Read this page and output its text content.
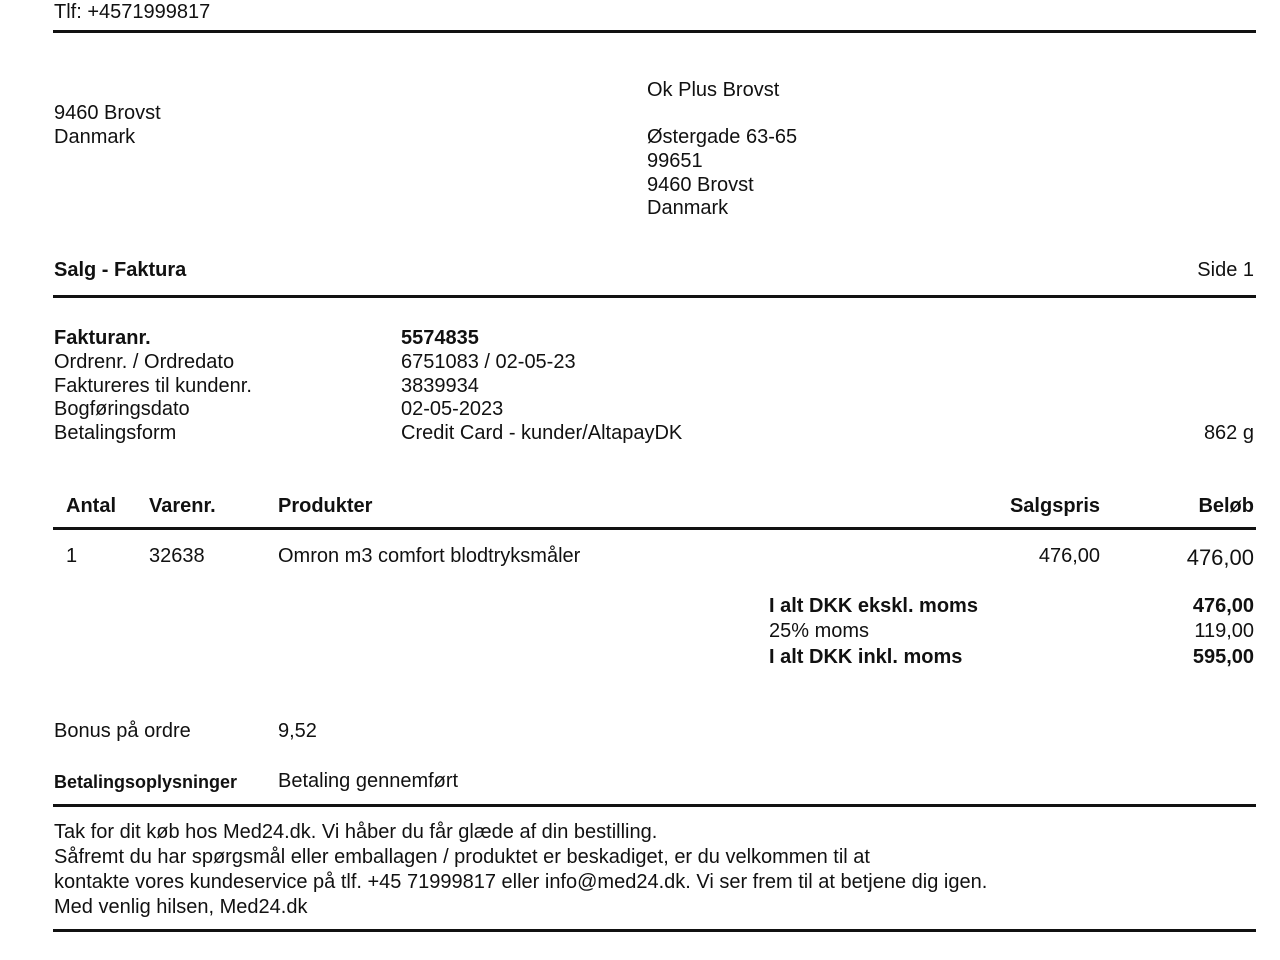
Tlf: +4571999817
9460 Brovst
Danmark
Ok Plus Brovst
Østergade 63-65
99651
9460 Brovst
Danmark
Salg - Faktura	Side 1
Fakturanr.	5574835
Ordrenr. / Ordredato	6751083 / 02-05-23
Faktureres til kundenr.	3839934
Bogføringsdato	02-05-2023
Betalingsform	Credit Card - kunder/AltapayDK	862 g
Antal Varenr.	Produkter	Salgspris	Beløb
1	32638	Omron m3 comfort blodtryksmåler	476,00	476,00
I alt DKK ekskl. moms	476,00
25% moms	119,00
I alt DKK inkl. moms	595,00
Bonus på ordre	9,52
Betalingsoplysninger Betaling gennemført
Tak for dit køb hos Med24.dk. Vi håber du får glæde af din bestilling.
Såfremt du har spørgsmål eller emballagen / produktet er beskadiget, er du velkommen til at
kontakte vores kundeservice på tlf. +45 71999817 eller info@med24.dk. Vi ser frem til at betjene dig igen.
Med venlig hilsen, Med24.dk
